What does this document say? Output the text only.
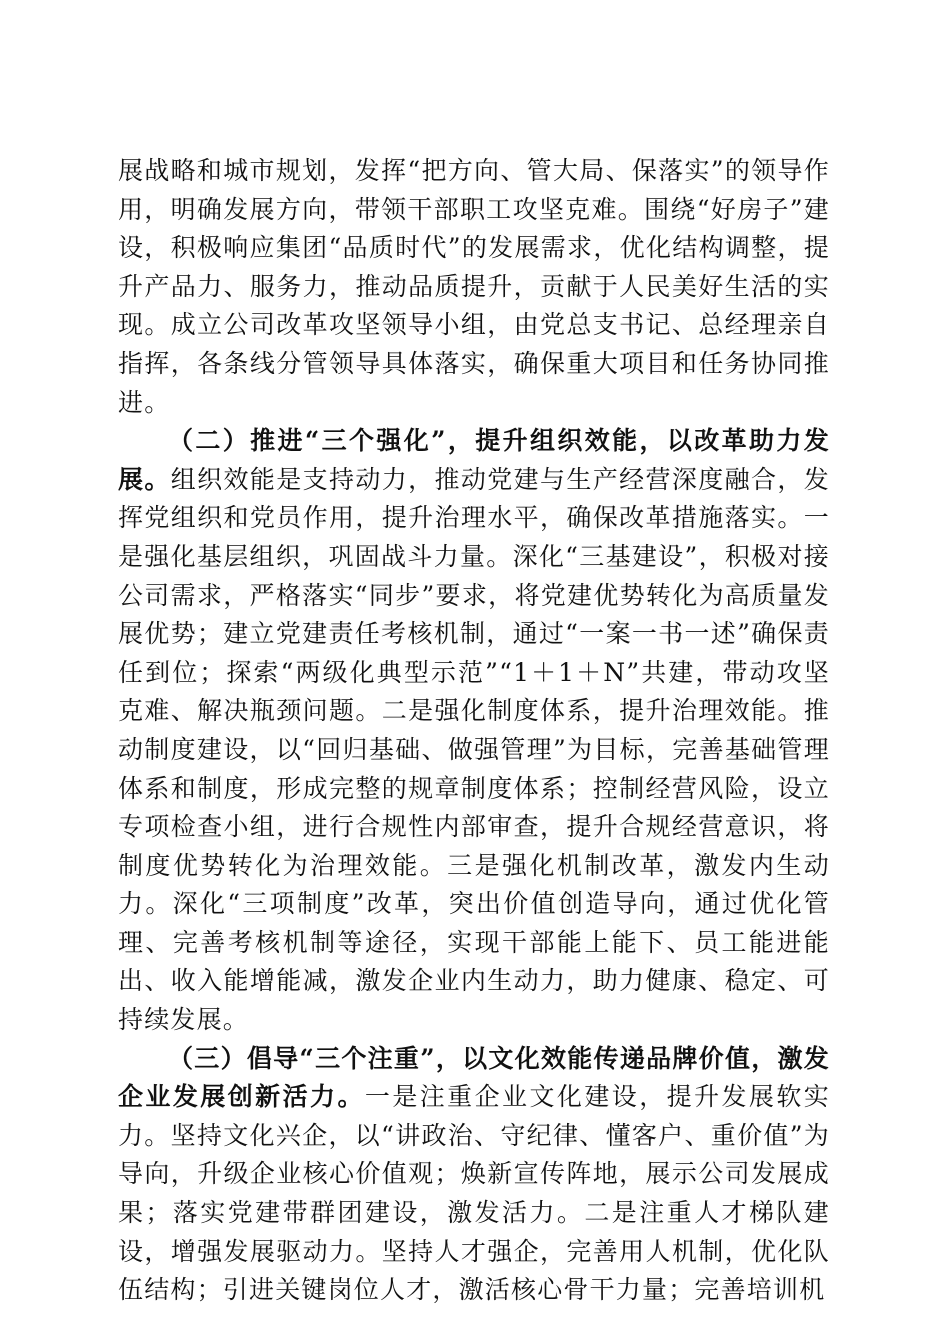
展战略和城市规划，发挥“把方向、管大局、保落实”的领导作用，明确发展方向，带领干部职工攻坚克难。围绕“好房子”建设，积极响应集团“品质时代”的发展需求，优化结构调整，提升产品力、服务力，推动品质提升，贡献于人民美好生活的实现。成立公司改革攻坚领导小组，由党总支书记、总经理亲自指挥，各条线分管领导具体落实，确保重大项目和任务协同推进。

（二）推进“三个强化”，提升组织效能，以改革助力发展。组织效能是支持动力，推动党建与生产经营深度融合，发挥党组织和党员作用，提升治理水平，确保改革措施落实。一是强化基层组织，巩固战斗力量。深化“三基建设”，积极对接公司需求，严格落实“同步”要求，将党建优势转化为高质量发展优势；建立党建责任考核机制，通过“一案一书一述”确保责任到位；探索“两级化典型示范”“1＋1＋N”共建，带动攻坚克难、解决瓶颈问题。二是强化制度体系，提升治理效能。推动制度建设，以“回归基础、做强管理”为目标，完善基础管理体系和制度，形成完整的规章制度体系；控制经营风险，设立专项检查小组，进行合规性内部审查，提升合规经营意识，将制度优势转化为治理效能。三是强化机制改革，激发内生动力。深化“三项制度”改革，突出价值创造导向，通过优化管理、完善考核机制等途径，实现干部能上能下、员工能进能出、收入能增能减，激发企业内生动力，助力健康、稳定、可持续发展。

（三）倡导“三个注重”，以文化效能传递品牌价值，激发企业发展创新活力。一是注重企业文化建设，提升发展软实力。坚持文化兴企，以“讲政治、守纪律、懂客户、重价值”为导向，升级企业核心价值观；焕新宣传阵地，展示公司发展成果；落实党建带群团建设，激发活力。二是注重人才梯队建设，增强发展驱动力。坚持人才强企，完善用人机制，优化队伍结构；引进关键岗位人才，激活核心骨干力量；完善培训机
